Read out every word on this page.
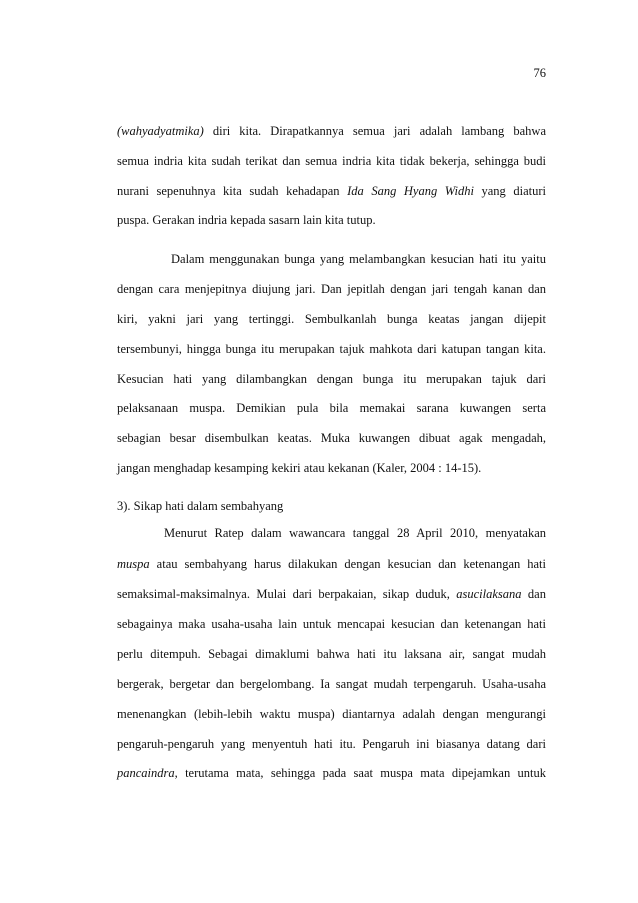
76
(wahyadyatmika) diri kita. Dirapatkannya semua jari adalah lambang bahwa
semua indria kita sudah terikat dan semua indria kita tidak bekerja, sehingga budi
nurani sepenuhnya kita sudah kehadapan Ida Sang Hyang Widhi yang diaturi
puspa. Gerakan indria kepada sasarn lain kita tutup.
Dalam menggunakan bunga yang melambangkan kesucian hati itu yaitu
dengan cara menjepitnya diujung jari. Dan jepitlah dengan jari tengah kanan dan
kiri, yakni jari yang tertinggi. Sembulkanlah bunga keatas jangan dijepit
tersembunyi, hingga bunga itu merupakan tajuk mahkota dari katupan tangan kita.
Kesucian hati yang dilambangkan dengan bunga itu merupakan tajuk dari
pelaksanaan muspa. Demikian pula bila memakai sarana kuwangen serta
sebagian besar disembulkan keatas. Muka kuwangen dibuat agak mengadah,
jangan menghadap kesamping kekiri atau kekanan (Kaler, 2004 : 14-15).
3). Sikap hati dalam sembahyang
Menurut Ratep dalam wawancara tanggal 28 April 2010, menyatakan
muspa atau sembahyang harus dilakukan dengan kesucian dan ketenangan hati
semaksimal-maksimalnya. Mulai dari berpakaian, sikap duduk, asucilaksana dan
sebagainya maka usaha-usaha lain untuk mencapai kesucian dan ketenangan hati
perlu ditempuh. Sebagai dimaklumi bahwa hati itu laksana air, sangat mudah
bergerak, bergetar dan bergelombang. Ia sangat mudah terpengaruh. Usaha-usaha
menenangkan (lebih-lebih waktu muspa) diantarnya adalah dengan mengurangi
pengaruh-pengaruh yang menyentuh hati itu. Pengaruh ini biasanya datang dari
pancaindra, terutama mata, sehingga pada saat muspa mata dipejamkan untuk
